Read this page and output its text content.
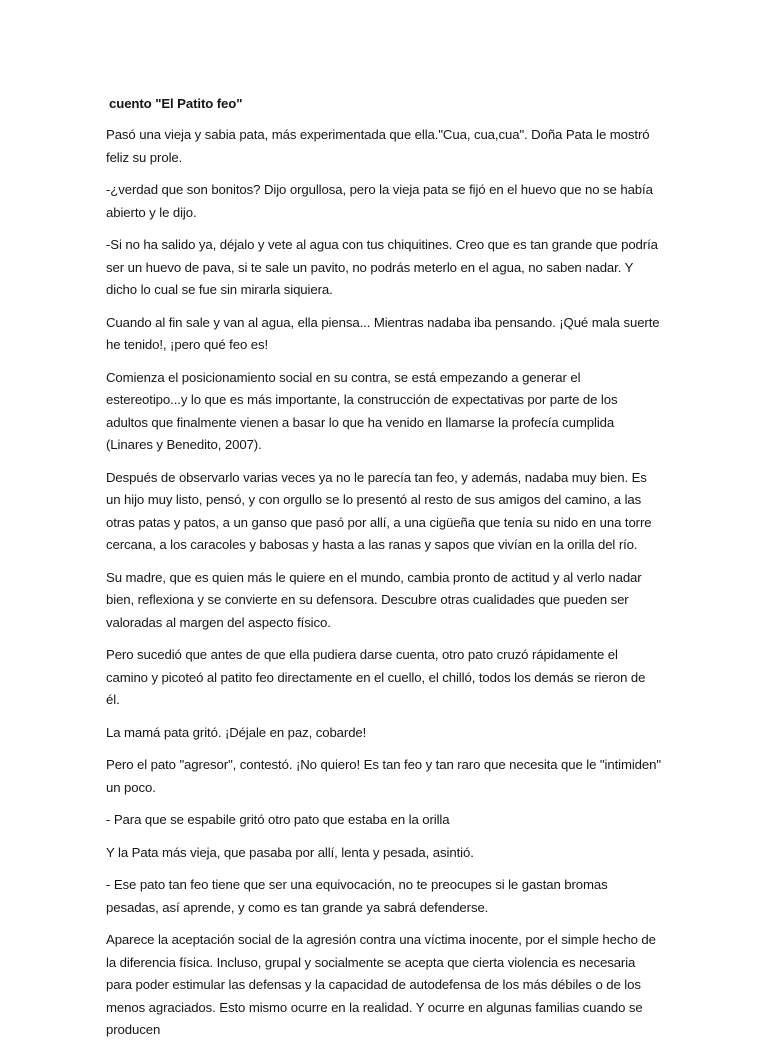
cuento "El Patito feo"

Pasó una vieja y sabia pata, más experimentada que ella."Cua, cua,cua". Doña Pata le mostró feliz su prole.

-¿verdad que son bonitos? Dijo orgullosa, pero la vieja pata se fijó en el huevo que no se había abierto y le dijo.

-Si no ha salido ya, déjalo y vete al agua con tus chiquitines. Creo que es tan grande que podría ser un huevo de pava, si te sale un pavito, no podrás meterlo en el agua, no saben nadar. Y dicho lo cual se fue sin mirarla siquiera.

Cuando al fin sale y van al agua, ella piensa... Mientras nadaba iba pensando. ¡Qué mala suerte he tenido!, ¡pero qué feo es!

Comienza el posicionamiento social en su contra, se está empezando a generar el estereotipo...y lo que es más importante, la construcción de expectativas por parte de los adultos que finalmente vienen a basar lo que ha venido en llamarse la profecía cumplida (Linares y Benedito, 2007).

Después de observarlo varias veces ya no le parecía tan feo, y además, nadaba muy bien. Es un hijo muy listo, pensó, y con orgullo se lo presentó al resto de sus amigos del camino, a las otras patas y patos, a un ganso que pasó por allí, a una cigüeña que tenía su nido en una torre cercana, a los caracoles y babosas y hasta a las ranas y sapos que vivían en la orilla del río.

Su madre, que es quien más le quiere en el mundo, cambia pronto de actitud y al verlo nadar bien, reflexiona y se convierte en su defensora. Descubre otras cualidades que pueden ser valoradas al margen del aspecto físico.

Pero sucedió que antes de que ella pudiera darse cuenta, otro pato cruzó rápidamente el camino y picoteó al patito feo directamente en el cuello, el chilló, todos los demás se rieron de él.

La mamá pata gritó. ¡Déjale en paz, cobarde!

Pero el pato "agresor", contestó. ¡No quiero! Es tan feo y tan raro que necesita que le "intimiden" un poco.

- Para que se espabile gritó otro pato que estaba en la orilla

Y la Pata más vieja, que pasaba por allí, lenta y pesada, asintió.

- Ese pato tan feo tiene que ser una equivocación, no te preocupes si le gastan bromas pesadas, así aprende, y como es tan grande ya sabrá defenderse.

Aparece la aceptación social de la agresión contra una víctima inocente, por el simple hecho de la diferencia física. Incluso, grupal y socialmente se acepta que cierta violencia es necesaria para poder estimular las defensas y la capacidad de autodefensa de los más débiles o de los menos agraciados. Esto mismo ocurre en la realidad. Y ocurre en algunas familias cuando se producen
